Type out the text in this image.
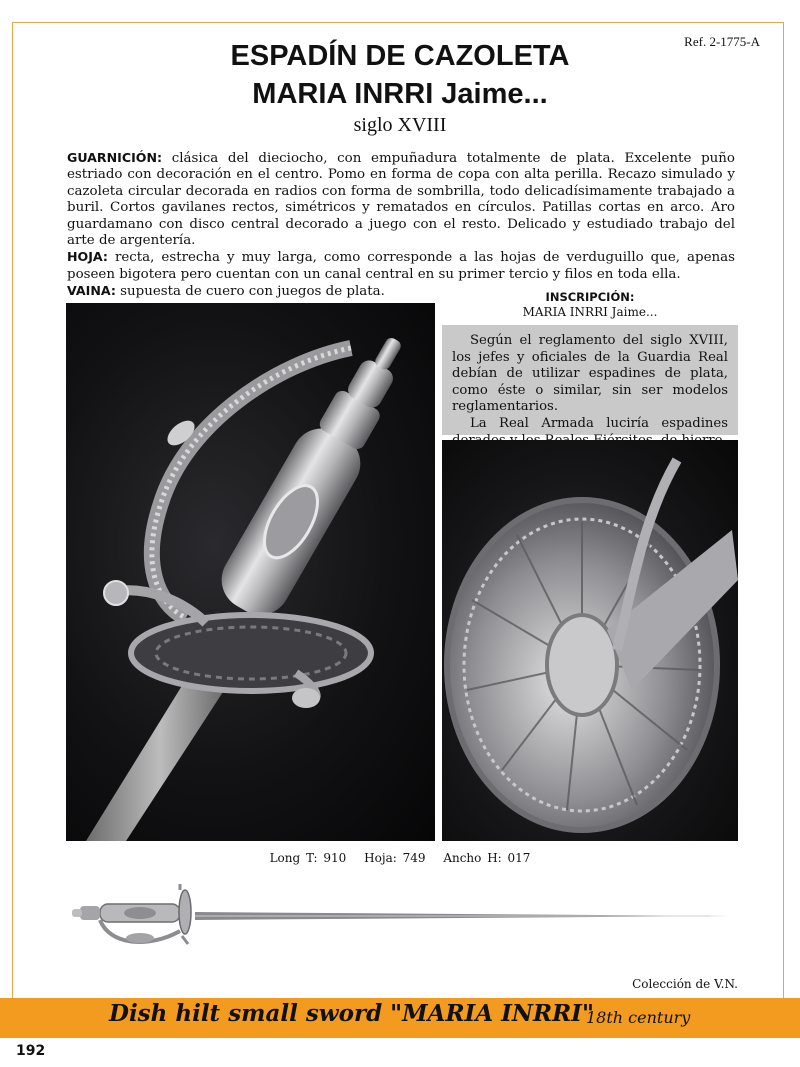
Ref. 2-1775-A
ESPADÍN DE CAZOLETA
MARIA INRRI Jaime...
siglo XVIII

GUARNICIÓN: clásica del dieciocho, con empuñadura totalmente de plata. Excelente puño estriado con decoración en el centro. Pomo en forma de copa con alta perilla. Recazo simulado y cazoleta circular decorada en radios con forma de sombrilla, todo delicadísimamente trabajado a buril. Cortos gavilanes rectos, simétricos y rematados en círculos. Patillas cortas en arco. Aro guardamano con disco central decorado a juego con el resto. Delicado y estudiado trabajo del arte de argentería.

HOJA: recta, estrecha y muy larga, como corresponde a las hojas de verduguillo que, apenas poseen bigotera pero cuentan con un canal central en su primer tercio y filos en toda ella.

VAINA: supuesta de cuero con juegos de plata.	INSCRIPCIÓN:
MARIA INRRI Jaime...

Según el reglamento del siglo XVIII, los jefes y oficiales de la Guardia Real debían de utilizar espadines de plata, como éste o similar, sin ser modelos reglamentarios.

La Real Armada luciría espadines

Long T: 910 Hoja: 749 Ancho H: 017
Colección de V.N.
Dish hilt small sword "MARIA INRRI"
18th century
192
